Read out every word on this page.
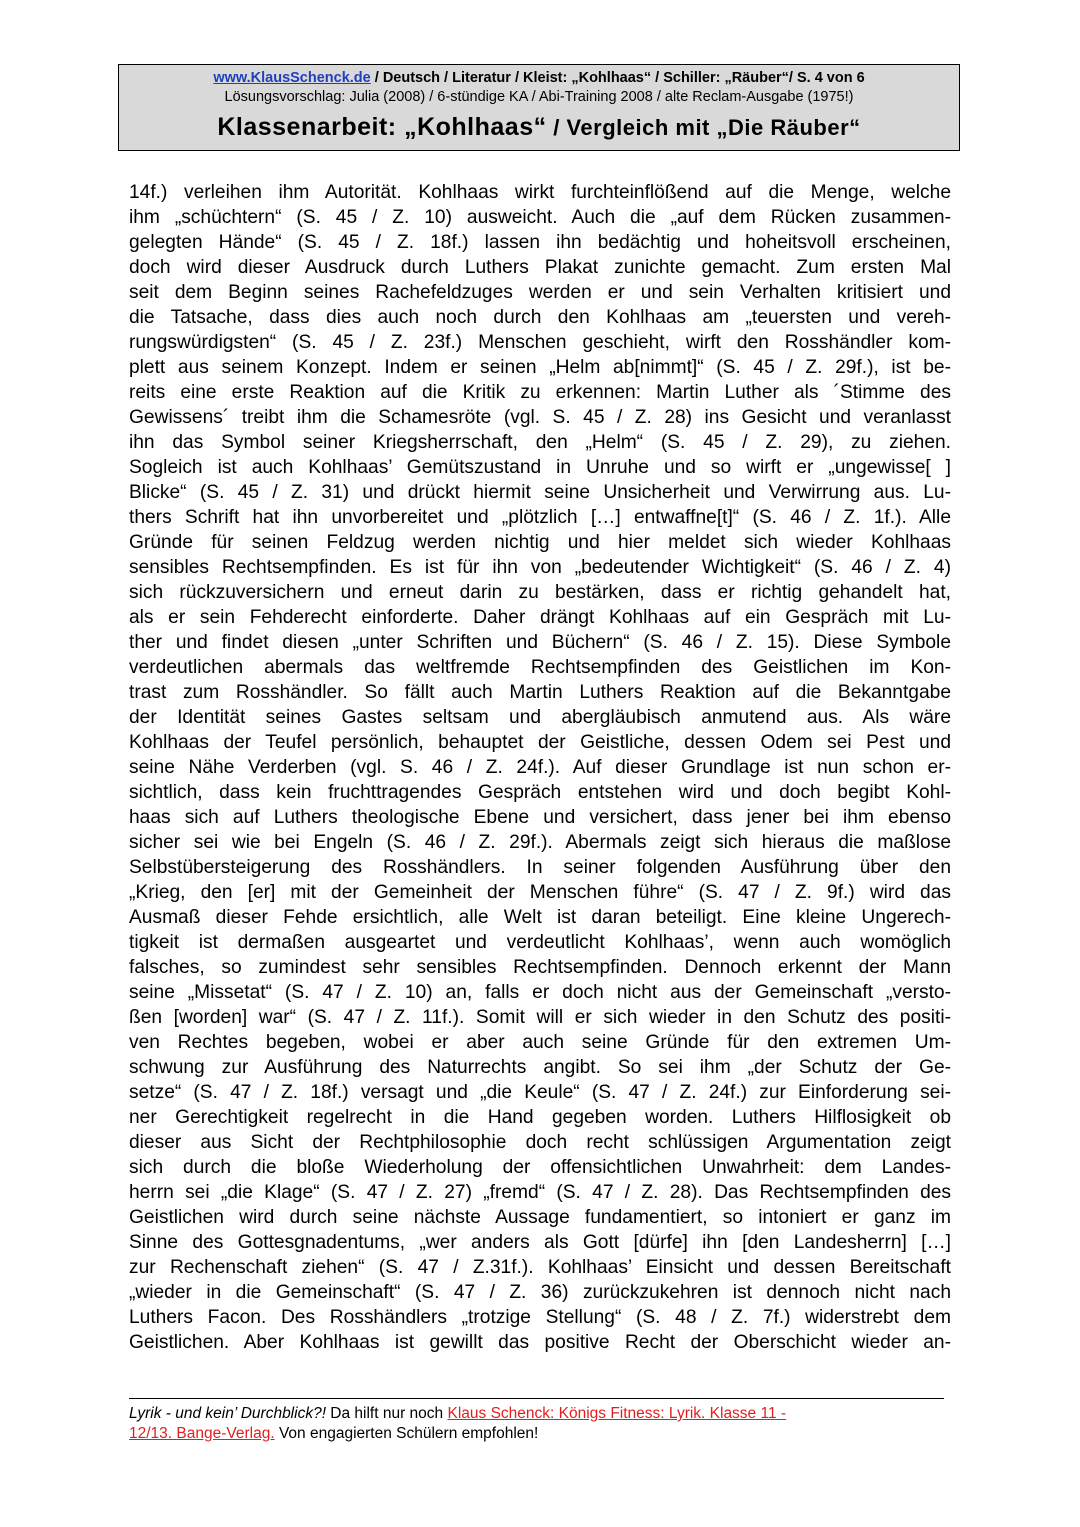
www.KlausSchenck.de / Deutsch / Literatur / Kleist: „Kohlhaas“ / Schiller: „Räuber“/ S. 4 von 6
Lösungsvorschlag: Julia (2008) / 6-stündige KA / Abi-Training 2008 / alte Reclam-Ausgabe (1975!)
Klassenarbeit: „Kohlhaas“ / Vergleich mit „Die Räuber“
14f.) verleihen ihm Autorität. Kohlhaas wirkt furchteinflößend auf die Menge, welche
ihm „schüchtern“ (S. 45 / Z. 10) ausweicht. Auch die „auf dem Rücken zusammen-
gelegten Hände“ (S. 45 / Z. 18f.) lassen ihn bedächtig und hoheitsvoll erscheinen,
doch wird dieser Ausdruck durch Luthers Plakat zunichte gemacht. Zum ersten Mal
seit dem Beginn seines Rachefeldzuges werden er und sein Verhalten kritisiert und
die Tatsache, dass dies auch noch durch den Kohlhaas am „teuersten und vereh-
rungswürdigsten“ (S. 45 / Z. 23f.) Menschen geschieht, wirft den Rosshändler kom-
plett aus seinem Konzept. Indem er seinen „Helm ab[nimmt]“ (S. 45 / Z. 29f.), ist be-
reits eine erste Reaktion auf die Kritik zu erkennen: Martin Luther als ´Stimme des
Gewissens´ treibt ihm die Schamesröte (vgl. S. 45 / Z. 28) ins Gesicht und veranlasst
ihn das Symbol seiner Kriegsherrschaft, den „Helm“ (S. 45 / Z. 29), zu ziehen.
Sogleich ist auch Kohlhaas’ Gemütszustand in Unruhe und so wirft er „ungewisse[ ]
Blicke“ (S. 45 / Z. 31) und drückt hiermit seine Unsicherheit und Verwirrung aus. Lu-
thers Schrift hat ihn unvorbereitet und „plötzlich […] entwaffne[t]“ (S. 46 / Z. 1f.). Alle
Gründe für seinen Feldzug werden nichtig und hier meldet sich wieder Kohlhaas
sensibles Rechtsempfinden. Es ist für ihn von „bedeutender Wichtigkeit“ (S. 46 / Z. 4)
sich rückzuversichern und erneut darin zu bestärken, dass er richtig gehandelt hat,
als er sein Fehderecht einforderte. Daher drängt Kohlhaas auf ein Gespräch mit Lu-
ther und findet diesen „unter Schriften und Büchern“ (S. 46 / Z. 15). Diese Symbole
verdeutlichen abermals das weltfremde Rechtsempfinden des Geistlichen im Kon-
trast zum Rosshändler. So fällt auch Martin Luthers Reaktion auf die Bekanntgabe
der Identität seines Gastes seltsam und abergläubisch anmutend aus. Als wäre
Kohlhaas der Teufel persönlich, behauptet der Geistliche, dessen Odem sei Pest und
seine Nähe Verderben (vgl. S. 46 / Z. 24f.). Auf dieser Grundlage ist nun schon er-
sichtlich, dass kein fruchttragendes Gespräch entstehen wird und doch begibt Kohl-
haas sich auf Luthers theologische Ebene und versichert, dass jener bei ihm ebenso
sicher sei wie bei Engeln (S. 46 / Z. 29f.). Abermals zeigt sich hieraus die maßlose
Selbstübersteigerung des Rosshändlers. In seiner folgenden Ausführung über den
„Krieg, den [er] mit der Gemeinheit der Menschen führe“ (S. 47 / Z. 9f.) wird das
Ausmaß dieser Fehde ersichtlich, alle Welt ist daran beteiligt. Eine kleine Ungerech-
tigkeit ist dermaßen ausgeartet und verdeutlicht Kohlhaas’, wenn auch womöglich
falsches, so zumindest sehr sensibles Rechtsempfinden. Dennoch erkennt der Mann
seine „Missetat“ (S. 47 / Z. 10) an, falls er doch nicht aus der Gemeinschaft „versto-
ßen [worden] war“ (S. 47 / Z. 11f.). Somit will er sich wieder in den Schutz des positi-
ven Rechtes begeben, wobei er aber auch seine Gründe für den extremen Um-
schwung zur Ausführung des Naturrechts angibt. So sei ihm „der Schutz der Ge-
setze“ (S. 47 / Z. 18f.) versagt und „die Keule“ (S. 47 / Z. 24f.) zur Einforderung sei-
ner Gerechtigkeit regelrecht in die Hand gegeben worden. Luthers Hilflosigkeit ob
dieser aus Sicht der Rechtphilosophie doch recht schlüssigen Argumentation zeigt
sich durch die bloße Wiederholung der offensichtlichen Unwahrheit: dem Landes-
herrn sei „die Klage“ (S. 47 / Z. 27) „fremd“ (S. 47 / Z. 28). Das Rechtsempfinden des
Geistlichen wird durch seine nächste Aussage fundamentiert, so intoniert er ganz im
Sinne des Gottesgnadentums, „wer anders als Gott [dürfe] ihn [den Landesherrn] […]
zur Rechenschaft ziehen“ (S. 47 / Z.31f.). Kohlhaas’ Einsicht und dessen Bereitschaft
„wieder in die Gemeinschaft“ (S. 47 / Z. 36) zurückzukehren ist dennoch nicht nach
Luthers Facon. Des Rosshändlers „trotzige Stellung“ (S. 48 / Z. 7f.) widerstrebt dem
Geistlichen. Aber Kohlhaas ist gewillt das positive Recht der Oberschicht wieder an-
Lyrik - und kein’ Durchblick?! Da hilft nur noch Klaus Schenck: Königs Fitness: Lyrik. Klasse 11 -
12/13. Bange-Verlag. Von engagierten Schülern empfohlen!
